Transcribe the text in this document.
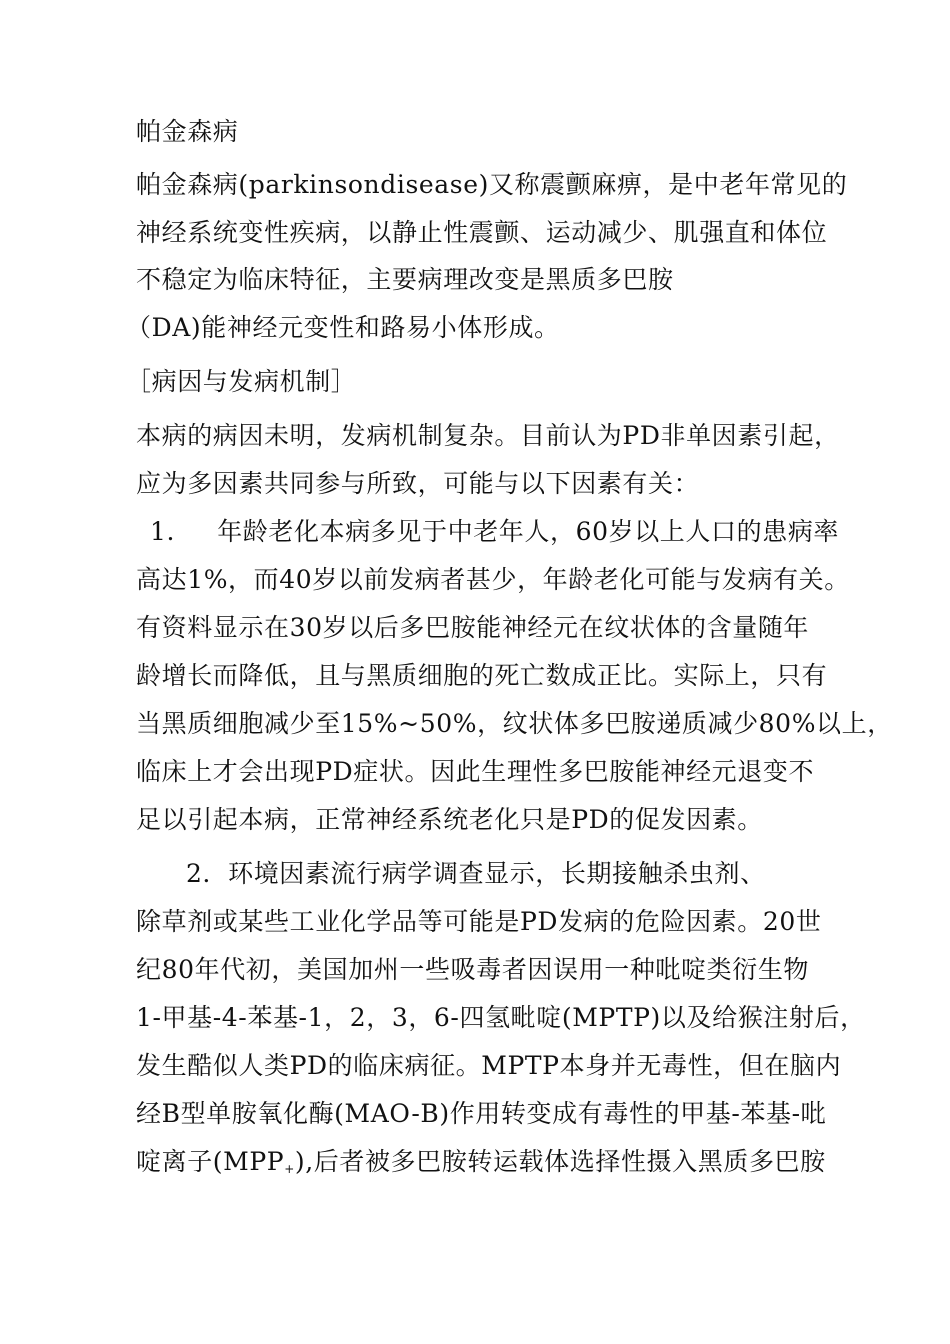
帕金森病
帕金森病(parkinsondisease)又称震颤麻痹，是中老年常见的
神经系统变性疾病，以静止性震颤、运动减少、肌强直和体位
不稳定为临床特征，主要病理改变是黑质多巴胺
（DA)能神经元变性和路易小体形成。
［病因与发病机制］
本病的病因未明，发病机制复杂。目前认为PD非单因素引起，
应为多因素共同参与所致，可能与以下因素有关：
1.　 年龄老化本病多见于中老年人，60岁以上人口的患病率
高达1%，而40岁以前发病者甚少，年龄老化可能与发病有关。
有资料显示在30岁以后多巴胺能神经元在纹状体的含量随年
龄增长而降低，且与黑质细胞的死亡数成正比。实际上，只有
当黑质细胞减少至15%~50%，纹状体多巴胺递质减少80%以上，
临床上才会出现PD症状。因此生理性多巴胺能神经元退变不
足以引起本病，正常神经系统老化只是PD的促发因素。
2．环境因素流行病学调查显示，长期接触杀虫剂、
除草剂或某些工业化学品等可能是PD发病的危险因素。20世
纪80年代初，美国加州一些吸毒者因误用一种吡啶类衍生物
1-甲基-4-苯基-1，2，3，6-四氢毗啶(MPTP)以及给猴注射后，
发生酷似人类PD的临床病征。MPTP本身并无毒性，但在脑内
经B型单胺氧化酶(MAO-B)作用转变成有毒性的甲基-苯基-吡
啶离子$(MPP_+)$,后者被多巴胺转运载体选择性摄入黑质多巴胺
